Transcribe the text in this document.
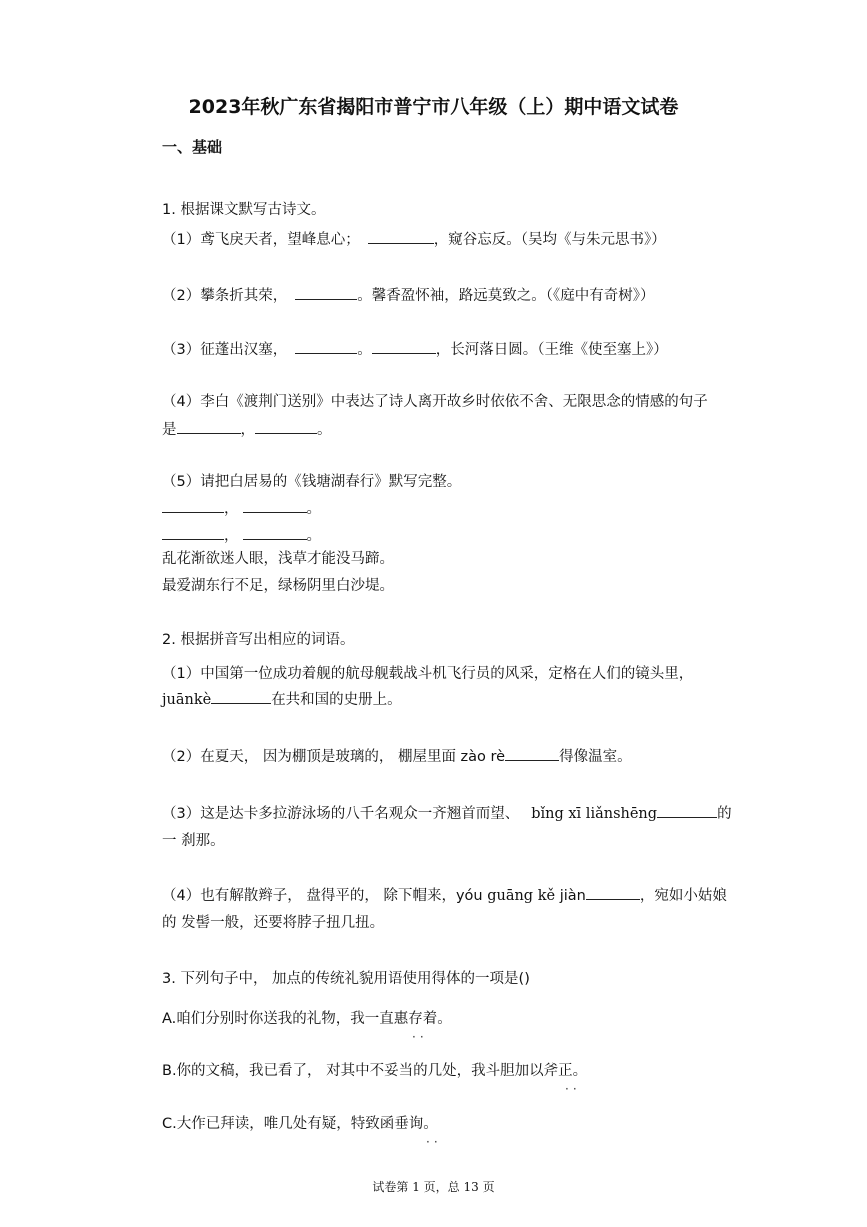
2023年秋广东省揭阳市普宁市八年级（上）期中语文试卷
一、基础
1. 根据课文默写古诗文。
（1）鸢飞戾天者，望峰息心；	，窥谷忘反。（吴均《与朱元思书》）
（2）攀条折其荣，	。馨香盈怀袖，路远莫致之。（《庭中有奇树》）
（3）征蓬出汉塞，	。	，长河落日圆。（王维《使至塞上》）
（4）李白《渡荆门送别》中表达了诗人离开故乡时依依不舍、无限思念的情感的句子
是	，	。
（5）请把白居易的《钱塘湖春行》默写完整。
，	。
，	。
乱花渐欲迷人眼，浅草才能没马蹄。
最爱湖东行不足，绿杨阴里白沙堤。
2. 根据拼音写出相应的词语。
（1）中国第一位成功着舰的航母舰载战斗机飞行员的风采，定格在人们的镜头里，
juānkè	在共和国的史册上。
（2）在夏天， 因为棚顶是玻璃的， 棚屋里面 zào rè	得像温室。
（3）这是达卡多拉游泳场的八千名观众一齐翘首而望、 bǐng xī liǎnshēng	的
一 刹那。
（4）也有解散辫子， 盘得平的， 除下帽来，yóu guāng kě jiàn	，宛如小姑娘
的 发髻一般，还要将脖子扭几扭。
3. 下列句子中， 加点的传统礼貌用语使用得体的一项是()
A.咱们分别时你送我的礼物，我一直惠存着。
··
B.你的文稿，我已看了， 对其中不妥当的几处，我斗胆加以斧正。
··
C.大作已拜读，唯几处有疑，特致函垂询。
··
试卷第 1 页，总 13 页
